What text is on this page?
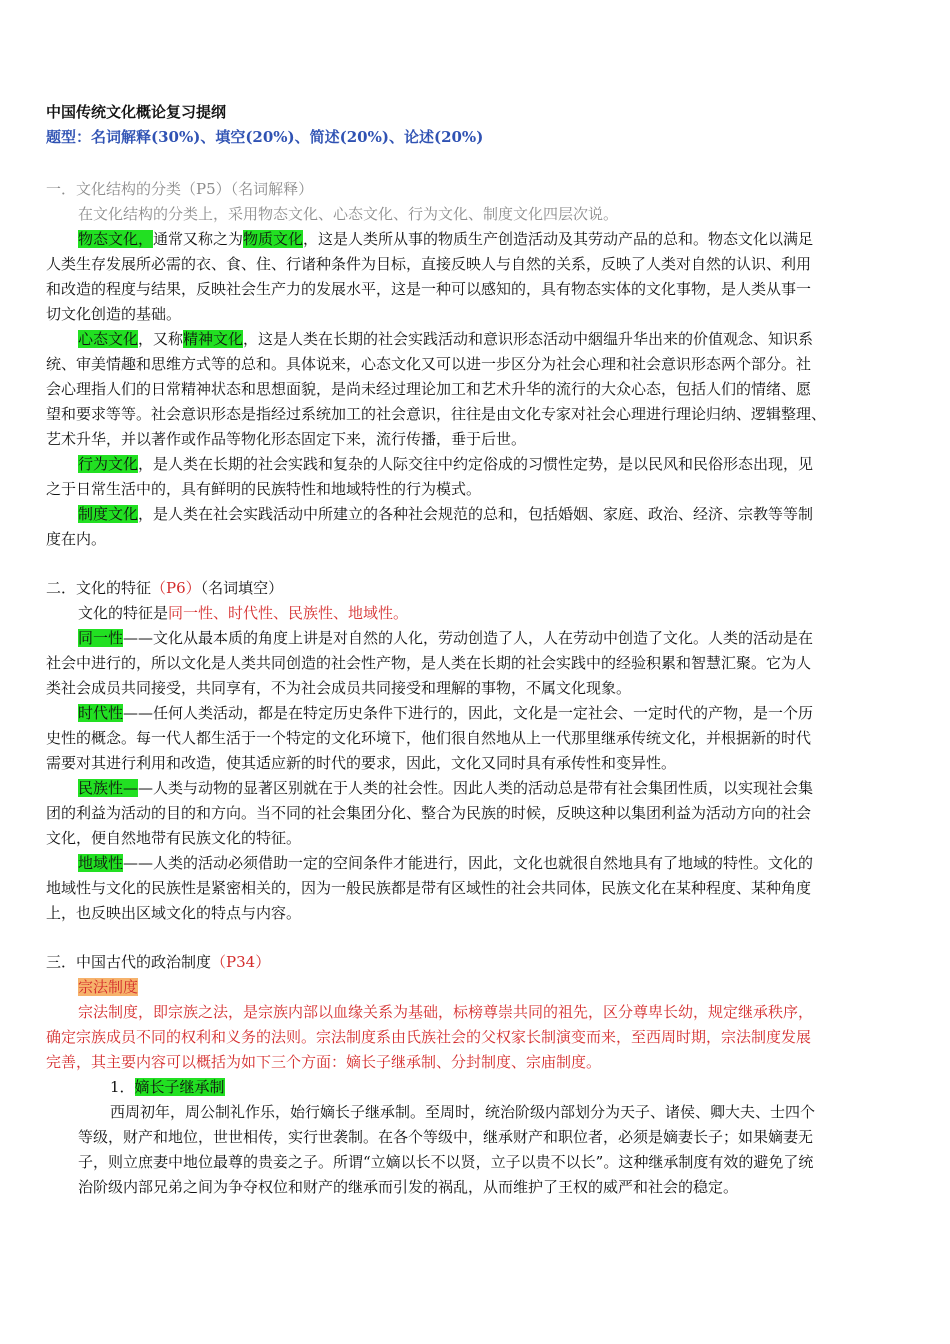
中国传统文化概论复习提纲
题型：名词解释(30%)、填空(20%)、简述(20%)、论述(20%)
一．文化结构的分类（P5）（名词解释）
在文化结构的分类上，采用物态文化、心态文化、行为文化、制度文化四层次说。
物态文化，通常又称之为物质文化，这是人类所从事的物质生产创造活动及其劳动产品的总和。物态文化以满足
人类生存发展所必需的衣、食、住、行诸种条件为目标，直接反映人与自然的关系，反映了人类对自然的认识、利用
和改造的程度与结果，反映社会生产力的发展水平，这是一种可以感知的，具有物态实体的文化事物，是人类从事一
切文化创造的基础。
心态文化，又称精神文化，这是人类在长期的社会实践活动和意识形态活动中絪缊升华出来的价值观念、知识系
统、审美情趣和思维方式等的总和。具体说来，心态文化又可以进一步区分为社会心理和社会意识形态两个部分。社
会心理指人们的日常精神状态和思想面貌，是尚未经过理论加工和艺术升华的流行的大众心态，包括人们的情绪、愿
望和要求等等。社会意识形态是指经过系统加工的社会意识，往往是由文化专家对社会心理进行理论归纳、逻辑整理、
艺术升华，并以著作或作品等物化形态固定下来，流行传播，垂于后世。
行为文化，是人类在长期的社会实践和复杂的人际交往中约定俗成的习惯性定势，是以民风和民俗形态出现，见
之于日常生活中的，具有鲜明的民族特性和地域特性的行为模式。
制度文化，是人类在社会实践活动中所建立的各种社会规范的总和，包括婚姻、家庭、政治、经济、宗教等等制
度在内。
二．文化的特征（P6）（名词填空）
文化的特征是同一性、时代性、民族性、地域性。
同一性——文化从最本质的角度上讲是对自然的人化，劳动创造了人，人在劳动中创造了文化。人类的活动是在
社会中进行的，所以文化是人类共同创造的社会性产物，是人类在长期的社会实践中的经验积累和智慧汇聚。它为人
类社会成员共同接受，共同享有，不为社会成员共同接受和理解的事物，不属文化现象。
时代性——任何人类活动，都是在特定历史条件下进行的，因此，文化是一定社会、一定时代的产物，是一个历
史性的概念。每一代人都生活于一个特定的文化环境下，他们很自然地从上一代那里继承传统文化，并根据新的时代
需要对其进行利用和改造，使其适应新的时代的要求，因此，文化又同时具有承传性和变异性。
民族性——人类与动物的显著区别就在于人类的社会性。因此人类的活动总是带有社会集团性质，以实现社会集
团的利益为活动的目的和方向。当不同的社会集团分化、整合为民族的时候，反映这种以集团利益为活动方向的社会
文化，便自然地带有民族文化的特征。
地域性——人类的活动必须借助一定的空间条件才能进行，因此，文化也就很自然地具有了地域的特性。文化的
地域性与文化的民族性是紧密相关的，因为一般民族都是带有区域性的社会共同体，民族文化在某种程度、某种角度
上，也反映出区域文化的特点与内容。
三．中国古代的政治制度（P34）
宗法制度
宗法制度，即宗族之法，是宗族内部以血缘关系为基础，标榜尊崇共同的祖先，区分尊卑长幼，规定继承秩序，
确定宗族成员不同的权利和义务的法则。宗法制度系由氏族社会的父权家长制演变而来，至西周时期，宗法制度发展
完善，其主要内容可以概括为如下三个方面：嫡长子继承制、分封制度、宗庙制度。
1．嫡长子继承制
西周初年，周公制礼作乐，始行嫡长子继承制。至周时，统治阶级内部划分为天子、诸侯、卿大夫、士四个
等级，财产和地位，世世相传，实行世袭制。在各个等级中，继承财产和职位者，必须是嫡妻长子；如果嫡妻无
子，则立庶妻中地位最尊的贵妾之子。所谓“立嫡以长不以贤，立子以贵不以长”。这种继承制度有效的避免了统
治阶级内部兄弟之间为争夺权位和财产的继承而引发的祸乱，从而维护了王权的威严和社会的稳定。
